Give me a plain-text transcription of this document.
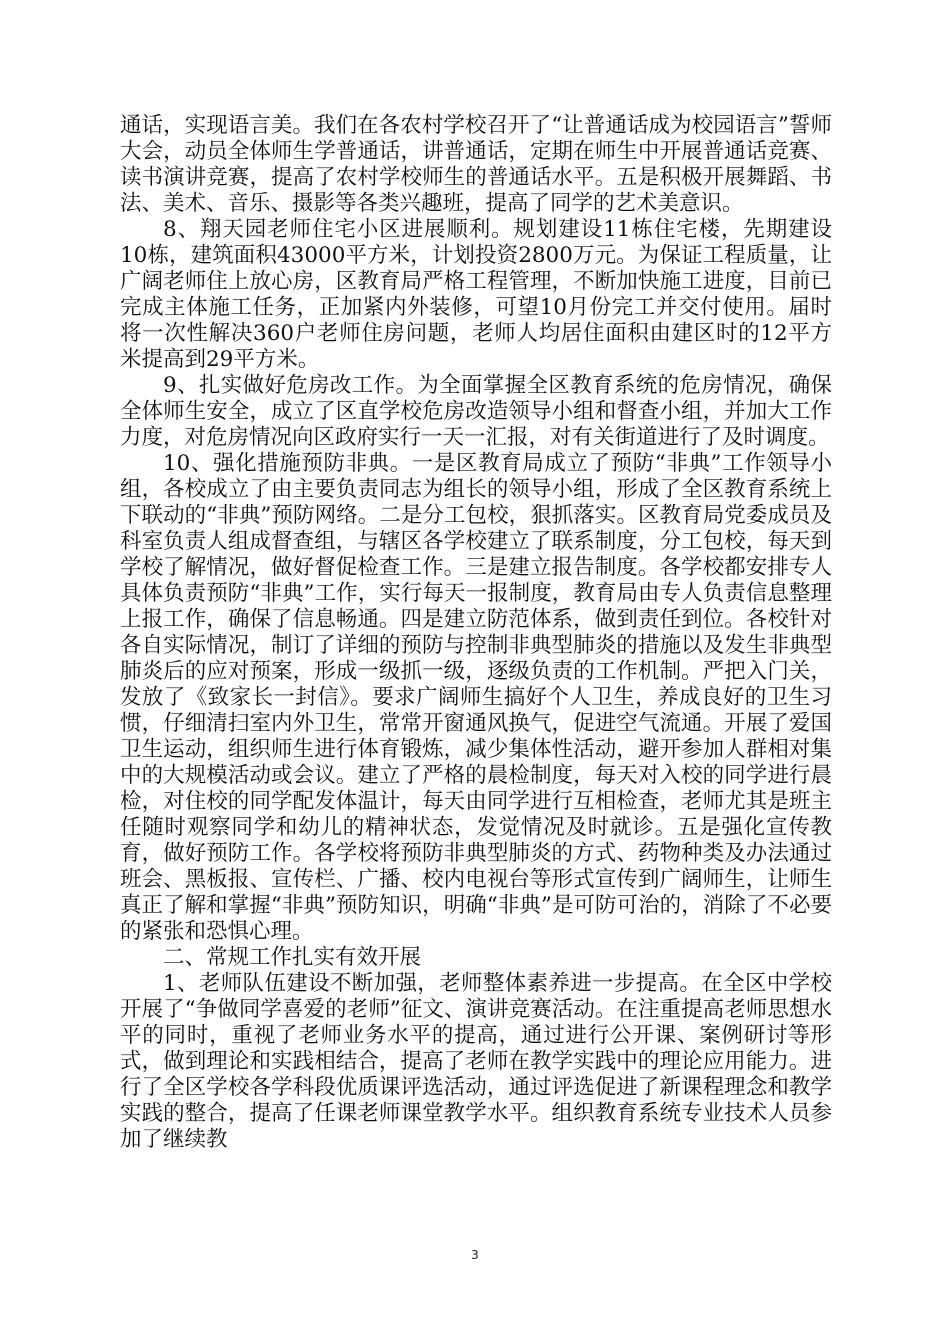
通话，实现语言美。我们在各农村学校召开了“让普通话成为校园语言”誓师大会，动员全体师生学普通话，讲普通话，定期在师生中开展普通话竞赛、读书演讲竞赛，提高了农村学校师生的普通话水平。五是积极开展舞蹈、书法、美术、音乐、摄影等各类兴趣班，提高了同学的艺术美意识。

8、翔天园老师住宅小区进展顺利。规划建设11栋住宅楼，先期建设10栋，建筑面积43000平方米，计划投资2800万元。为保证工程质量，让广阔老师住上放心房，区教育局严格工程管理，不断加快施工进度，目前已完成主体施工任务，正加紧内外装修，可望10月份完工并交付使用。届时将一次性解决360户老师住房问题，老师人均居住面积由建区时的12平方米提高到29平方米。

9、扎实做好危房改工作。为全面掌握全区教育系统的危房情况，确保全体师生安全，成立了区直学校危房改造领导小组和督查小组，并加大工作力度，对危房情况向区政府实行一天一汇报，对有关街道进行了及时调度。

10、强化措施预防非典。一是区教育局成立了预防“非典”工作领导小组，各校成立了由主要负责同志为组长的领导小组，形成了全区教育系统上下联动的“非典”预防网络。二是分工包校，狠抓落实。区教育局党委成员及科室负责人组成督查组，与辖区各学校建立了联系制度，分工包校，每天到学校了解情况，做好督促检查工作。三是建立报告制度。各学校都安排专人具体负责预防“非典”工作，实行每天一报制度，教育局由专人负责信息整理上报工作，确保了信息畅通。四是建立防范体系，做到责任到位。各校针对各自实际情况，制订了详细的预防与控制非典型肺炎的措施以及发生非典型肺炎后的应对预案，形成一级抓一级，逐级负责的工作机制。严把入门关，发放了《致家长一封信》。要求广阔师生搞好个人卫生，养成良好的卫生习惯，仔细清扫室内外卫生，常常开窗通风换气，促进空气流通。开展了爱国卫生运动，组织师生进行体育锻炼，减少集体性活动，避开参加人群相对集中的大规模活动或会议。建立了严格的晨检制度，每天对入校的同学进行晨检，对住校的同学配发体温计，每天由同学进行互相检查，老师尤其是班主任随时观察同学和幼儿的精神状态，发觉情况及时就诊。五是强化宣传教育，做好预防工作。各学校将预防非典型肺炎的方式、药物种类及办法通过班会、黑板报、宣传栏、广播、校内电视台等形式宣传到广阔师生，让师生真正了解和掌握“非典”预防知识，明确“非典”是可防可治的，消除了不必要的紧张和恐惧心理。

二、常规工作扎实有效开展

1、老师队伍建设不断加强，老师整体素养进一步提高。在全区中学校开展了“争做同学喜爱的老师”征文、演讲竞赛活动。在注重提高老师思想水平的同时，重视了老师业务水平的提高，通过进行公开课、案例研讨等形式，做到理论和实践相结合，提高了老师在教学实践中的理论应用能力。进行了全区学校各学科段优质课评选活动，通过评选促进了新课程理念和教学实践的整合，提高了任课老师课堂教学水平。组织教育系统专业技术人员参加了继续教

3
